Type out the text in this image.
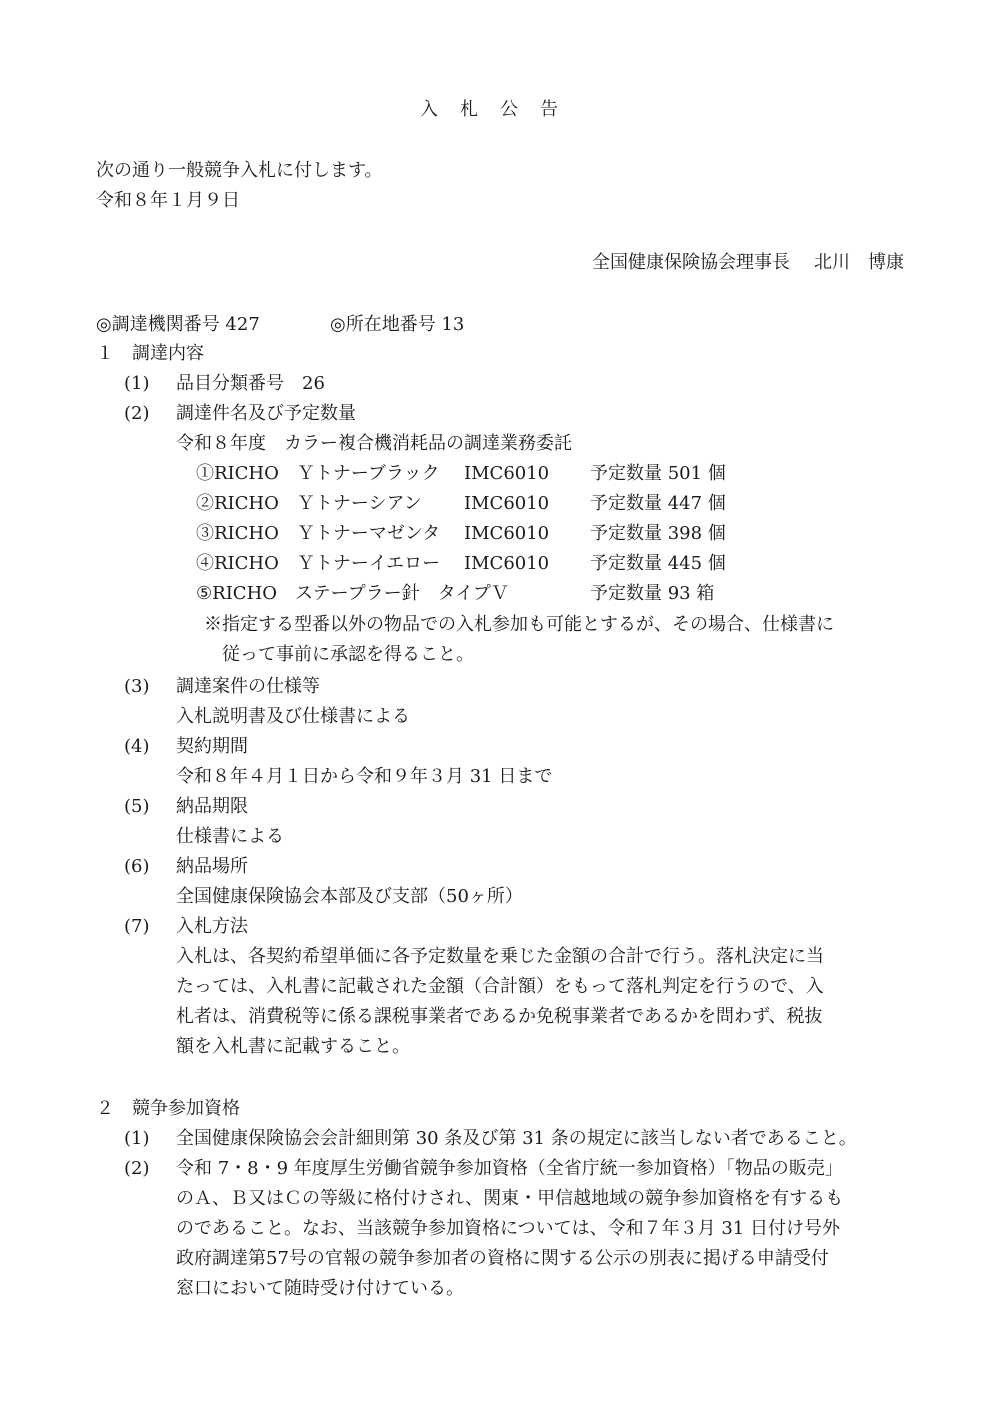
入札公告
次の通り一般競争入札に付します。
令和８年１月９日
全国健康保険協会理事長 北川　博康
◎調達機関番号 427	◎所在地番号 13
１　調達内容
(1) 品目分類番号　26
(2) 調達件名及び予定数量
令和８年度　カラー複合機消耗品の調達業務委託
①RICHO　Ｙトナーブラック IMC6010 予定数量 501 個
②RICHO　Ｙトナーシアン IMC6010 予定数量 447 個
③RICHO　Ｙトナーマゼンタ IMC6010 予定数量 398 個
④RICHO　Ｙトナーイエロー IMC6010 予定数量 445 個
⑤RICHO　ステープラー針　タイプＶ	予定数量 93 箱
※指定する型番以外の物品での入札参加も可能とするが、その場合、仕様書に
従って事前に承認を得ること。
(3) 調達案件の仕様等
入札説明書及び仕様書による
(4) 契約期間
令和８年４月１日から令和９年３月 31 日まで
(5) 納品期限
仕様書による
(6) 納品場所
全国健康保険協会本部及び支部（50ヶ所）
(7) 入札方法
入札は、各契約希望単価に各予定数量を乗じた金額の合計で行う。落札決定に当
たっては、入札書に記載された金額（合計額）をもって落札判定を行うので、入
札者は、消費税等に係る課税事業者であるか免税事業者であるかを問わず、税抜
額を入札書に記載すること。
２　競争参加資格
(1) 全国健康保険協会会計細則第 30 条及び第 31 条の規定に該当しない者であること。
(2) 令和 7・8・9 年度厚生労働省競争参加資格（全省庁統一参加資格）「物品の販売」
のＡ、Ｂ又はＣの等級に格付けされ、関東・甲信越地域の競争参加資格を有するも
のであること。なお、当該競争参加資格については、令和７年３月 31 日付け号外
政府調達第57号の官報の競争参加者の資格に関する公示の別表に掲げる申請受付
窓口において随時受け付けている。
